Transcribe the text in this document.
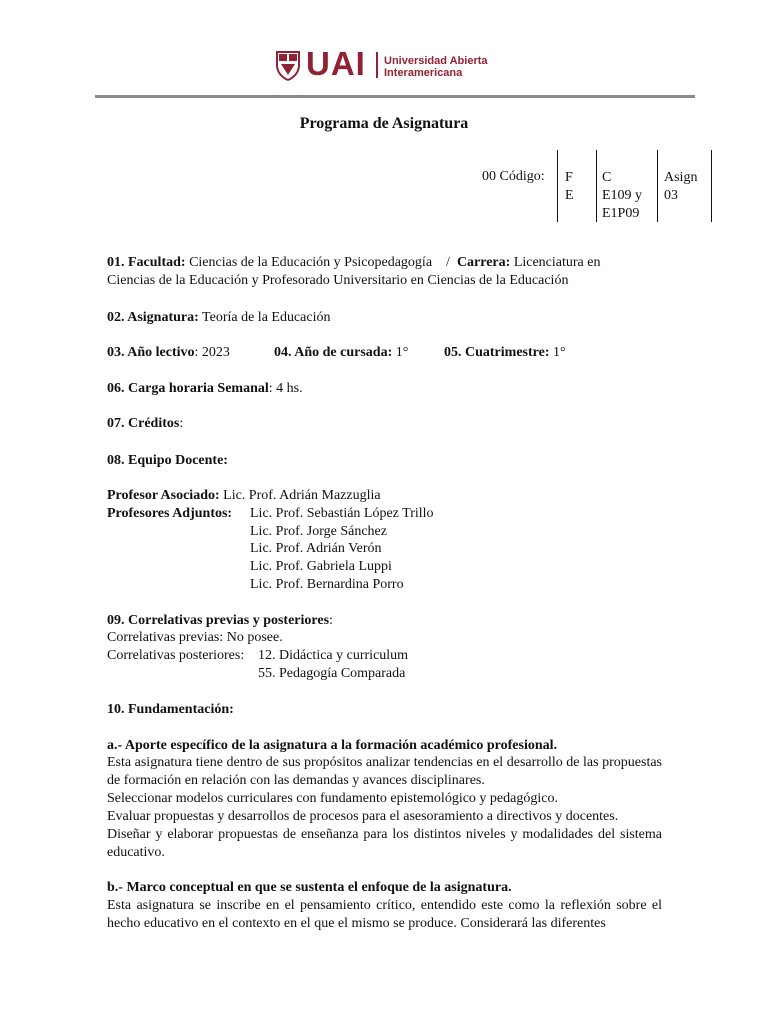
UAI Universidad Abierta
Interamericana
Programa de Asignatura
00 Código: F
E
C
E109 y
E1P09
Asign
03
01. Facultad: Ciencias de la Educación y Psicopedagogía    /  Carrera: Licenciatura en
Ciencias de la Educación y Profesorado Universitario en Ciencias de la Educación
02. Asignatura: Teoría de la Educación
03. Año lectivo: 2023	04. Año de cursada: 1°	05. Cuatrimestre: 1°
06. Carga horaria Semanal: 4 hs.
07. Créditos:
08. Equipo Docente:
Profesor Asociado: Lic. Prof. Adrián Mazzuglia
Profesores Adjuntos: Lic. Prof. Sebastián López Trillo
Lic. Prof. Jorge Sánchez
Lic. Prof. Adrián Verón
Lic. Prof. Gabriela Luppi
Lic. Prof. Bernardina Porro
09. Correlativas previas y posteriores:
Correlativas previas: No posee.
Correlativas posteriores: 12. Didáctica y curriculum
55. Pedagogía Comparada
10. Fundamentación:
a.- Aporte específico de la asignatura a la formación académico profesional.
Esta asignatura tiene dentro de sus propósitos analizar tendencias en el desarrollo de las propuestas de formación en relación con las demandas y avances disciplinares.
Seleccionar modelos curriculares con fundamento epistemológico y pedagógico.
Evaluar propuestas y desarrollos de procesos para el asesoramiento a directivos y docentes.
Diseñar y elaborar propuestas de enseñanza para los distintos niveles y modalidades del sistema educativo.
b.- Marco conceptual en que se sustenta el enfoque de la asignatura.
Esta asignatura se inscribe en el pensamiento crítico, entendido este como la reflexión sobre el hecho educativo en el contexto en el que el mismo se produce. Considerará las diferentes
